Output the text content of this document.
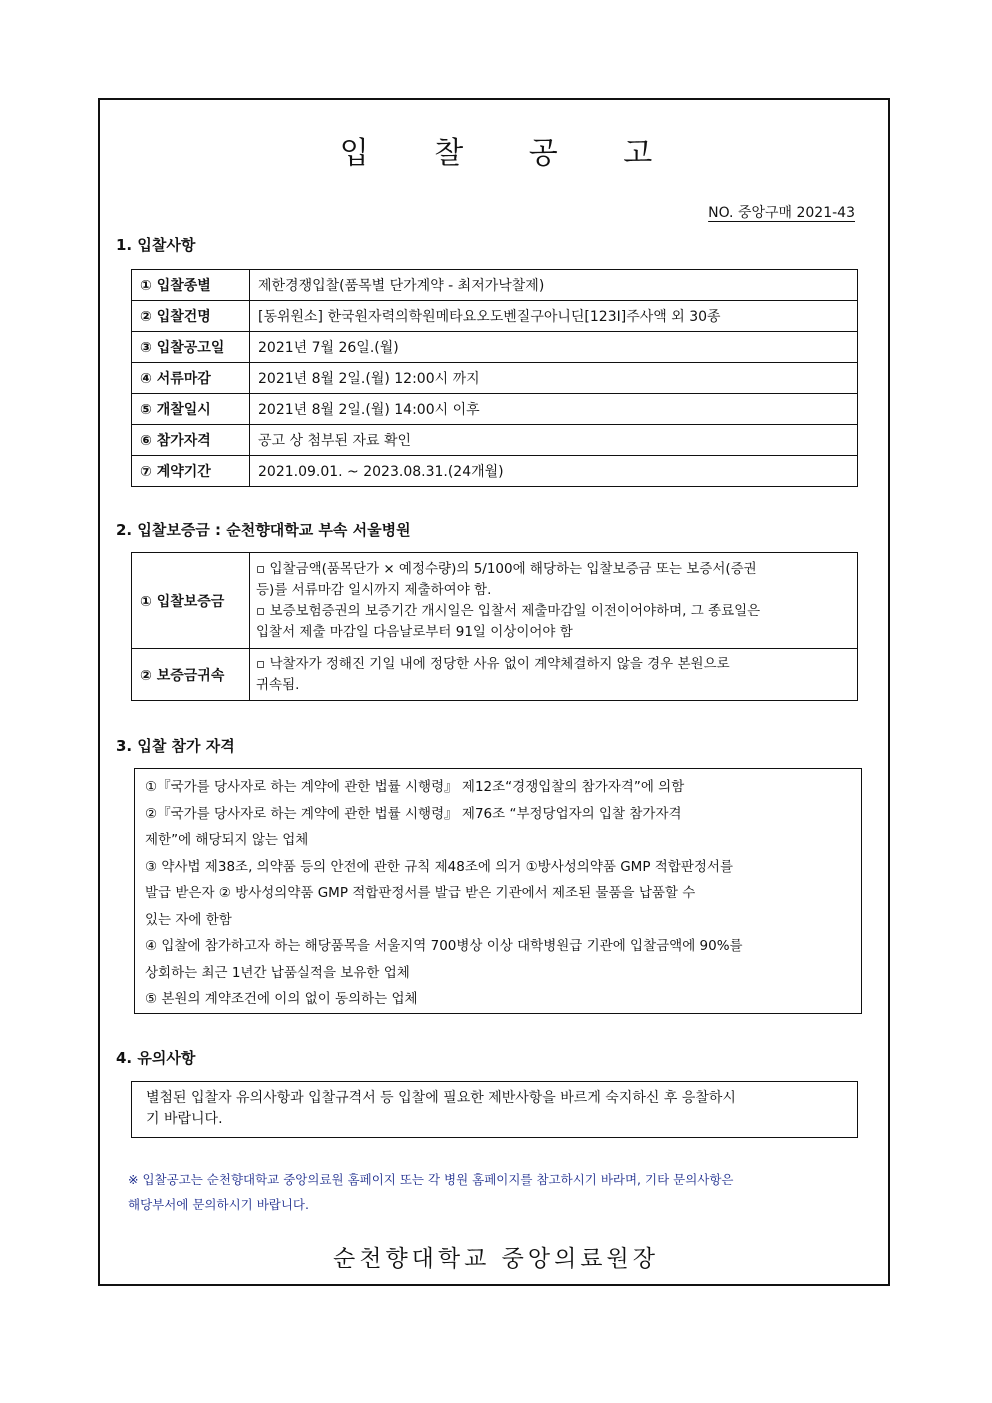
입 찰 공 고
NO. 중앙구매 2021-43
1. 입찰사항
① 입찰종별	제한경쟁입찰(품목별 단가계약 - 최저가낙찰제)
② 입찰건명	[동위원소] 한국원자력의학원메타요오도벤질구아니딘[123I]주사액 외 30종
③ 입찰공고일	2021년 7월 26일.(월)
④ 서류마감	2021년 8월 2일.(월) 12:00시 까지
⑤ 개찰일시	2021년 8월 2일.(월) 14:00시 이후
⑥ 참가자격	공고 상 첨부된 자료 확인
⑦ 계약기간	2021.09.01. ~ 2023.08.31.(24개월)
2. 입찰보증금 : 순천향대학교 부속 서울병원
① 입찰보증금	▫ 입찰금액(품목단가 × 예정수량)의 5/100에 해당하는 입찰보증금 또는 보증서(증권
등)를 서류마감 일시까지 제출하여야 함.
▫ 보증보험증권의 보증기간 개시일은 입찰서 제출마감일 이전이어야하며, 그 종료일은
입찰서 제출 마감일 다음날로부터 91일 이상이어야 함

② 보증금귀속	▫ 낙찰자가 정해진 기일 내에 정당한 사유 없이 계약체결하지 않을 경우 본원으로
귀속됨.
3. 입찰 참가 자격
①『국가를 당사자로 하는 계약에 관한 법률 시행령』 제12조“경쟁입찰의 참가자격”에 의함
②『국가를 당사자로 하는 계약에 관한 법률 시행령』 제76조 “부정당업자의 입찰 참가자격
제한”에 해당되지 않는 업체
③ 약사법 제38조, 의약품 등의 안전에 관한 규칙 제48조에 의거 ①방사성의약품 GMP 적합판정서를
발급 받은자 ② 방사성의약품 GMP 적합판정서를 발급 받은 기관에서 제조된 물품을 납품할 수
있는 자에 한함
④ 입찰에 참가하고자 하는 해당품목을 서울지역 700병상 이상 대학병원급 기관에 입찰금액에 90%를
상회하는 최근 1년간 납품실적을 보유한 업체
⑤ 본원의 계약조건에 이의 없이 동의하는 업체
4. 유의사항
별첨된 입찰자 유의사항과 입찰규격서 등 입찰에 필요한 제반사항을 바르게 숙지하신 후 응찰하시
기 바랍니다.
※ 입찰공고는 순천향대학교 중앙의료원 홈페이지 또는 각 병원 홈페이지를 참고하시기 바라며, 기타 문의사항은
해당부서에 문의하시기 바랍니다.
순천향대학교 중앙의료원장
